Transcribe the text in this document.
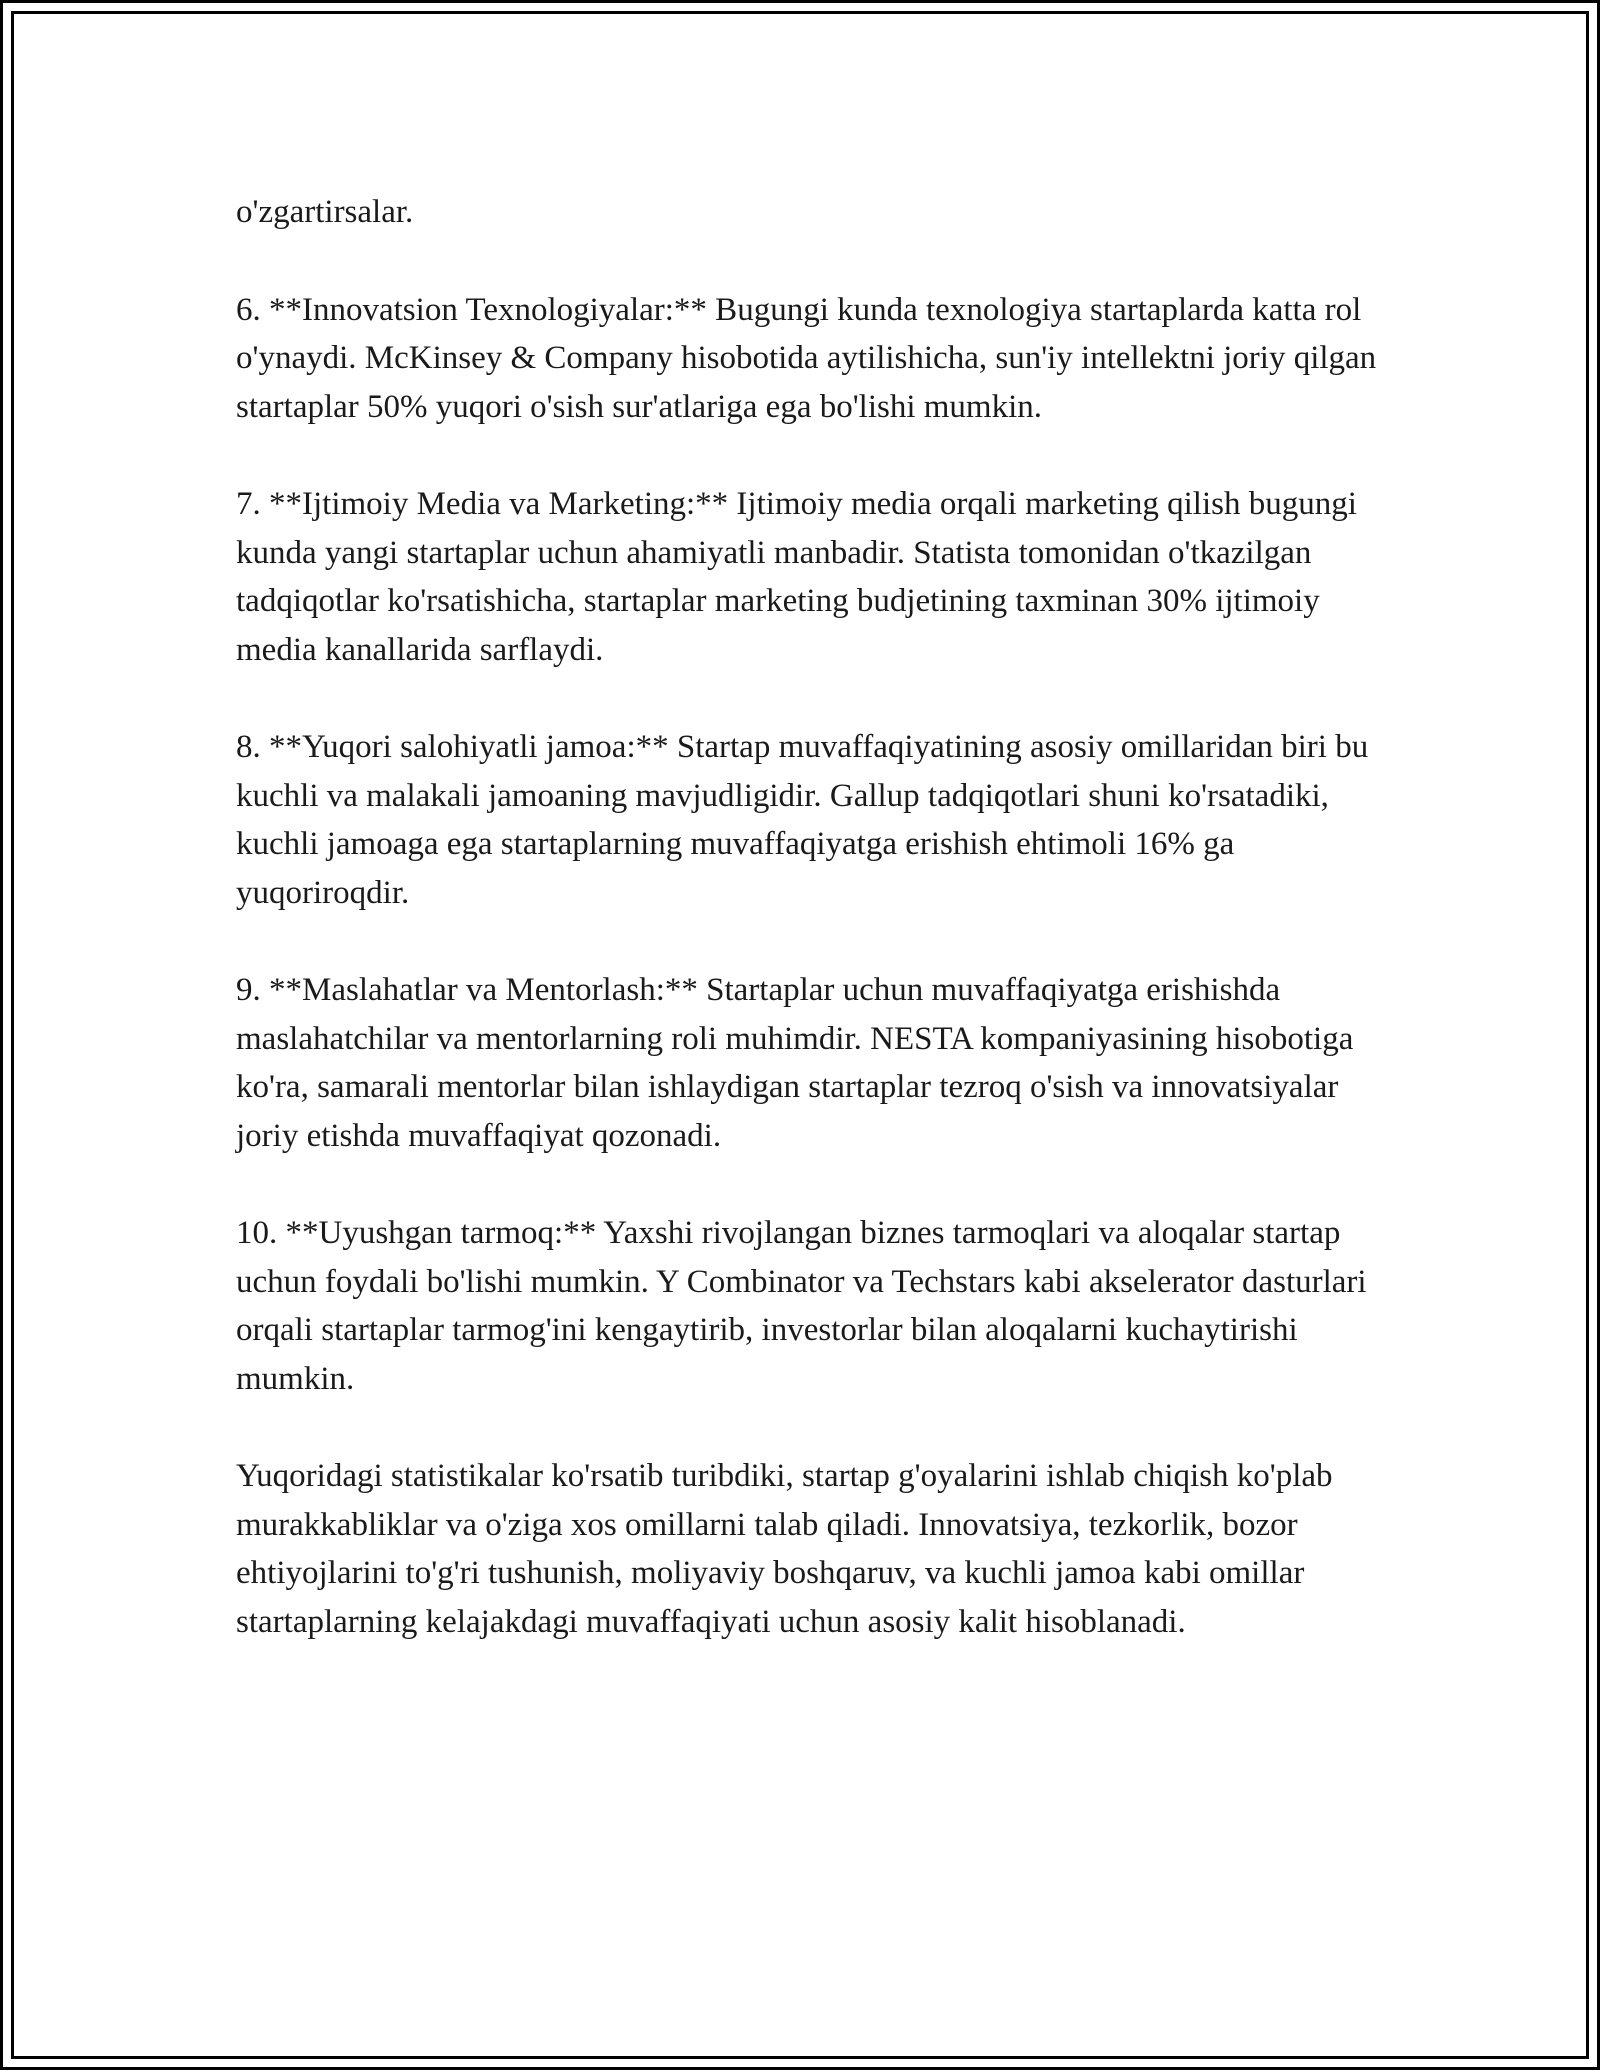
o'zgartirsalar.

6. **Innovatsion Texnologiyalar:** Bugungi kunda texnologiya startaplarda katta rol o'ynaydi. McKinsey & Company hisobotida aytilishicha, sun'iy intellektni joriy qilgan startaplar 50% yuqori o'sish sur'atlariga ega bo'lishi mumkin.

7. **Ijtimoiy Media va Marketing:** Ijtimoiy media orqali marketing qilish bugungi kunda yangi startaplar uchun ahamiyatli manbadir. Statista tomonidan o'tkazilgan tadqiqotlar ko'rsatishicha, startaplar marketing budjetining taxminan 30% ijtimoiy media kanallarida sarflaydi.

8. **Yuqori salohiyatli jamoa:** Startap muvaffaqiyatining asosiy omillaridan biri bu kuchli va malakali jamoaning mavjudligidir. Gallup tadqiqotlari shuni ko'rsatadiki, kuchli jamoaga ega startaplarning muvaffaqiyatga erishish ehtimoli 16% ga yuqoriroqdir.

9. **Maslahatlar va Mentorlash:** Startaplar uchun muvaffaqiyatga erishishda maslahatchilar va mentorlarning roli muhimdir. NESTA kompaniyasining hisobotiga ko'ra, samarali mentorlar bilan ishlaydigan startaplar tezroq o'sish va innovatsiyalar joriy etishda muvaffaqiyat qozonadi.

10. **Uyushgan tarmoq:** Yaxshi rivojlangan biznes tarmoqlari va aloqalar startap uchun foydali bo'lishi mumkin. Y Combinator va Techstars kabi akselerator dasturlari orqali startaplar tarmog'ini kengaytirib, investorlar bilan aloqalarni kuchaytirishi mumkin.

Yuqoridagi statistikalar ko'rsatib turibdiki, startap g'oyalarini ishlab chiqish ko'plab murakkabliklar va o'ziga xos omillarni talab qiladi. Innovatsiya, tezkorlik, bozor ehtiyojlarini to'g'ri tushunish, moliyaviy boshqaruv, va kuchli jamoa kabi omillar startaplarning kelajakdagi muvaffaqiyati uchun asosiy kalit hisoblanadi.
